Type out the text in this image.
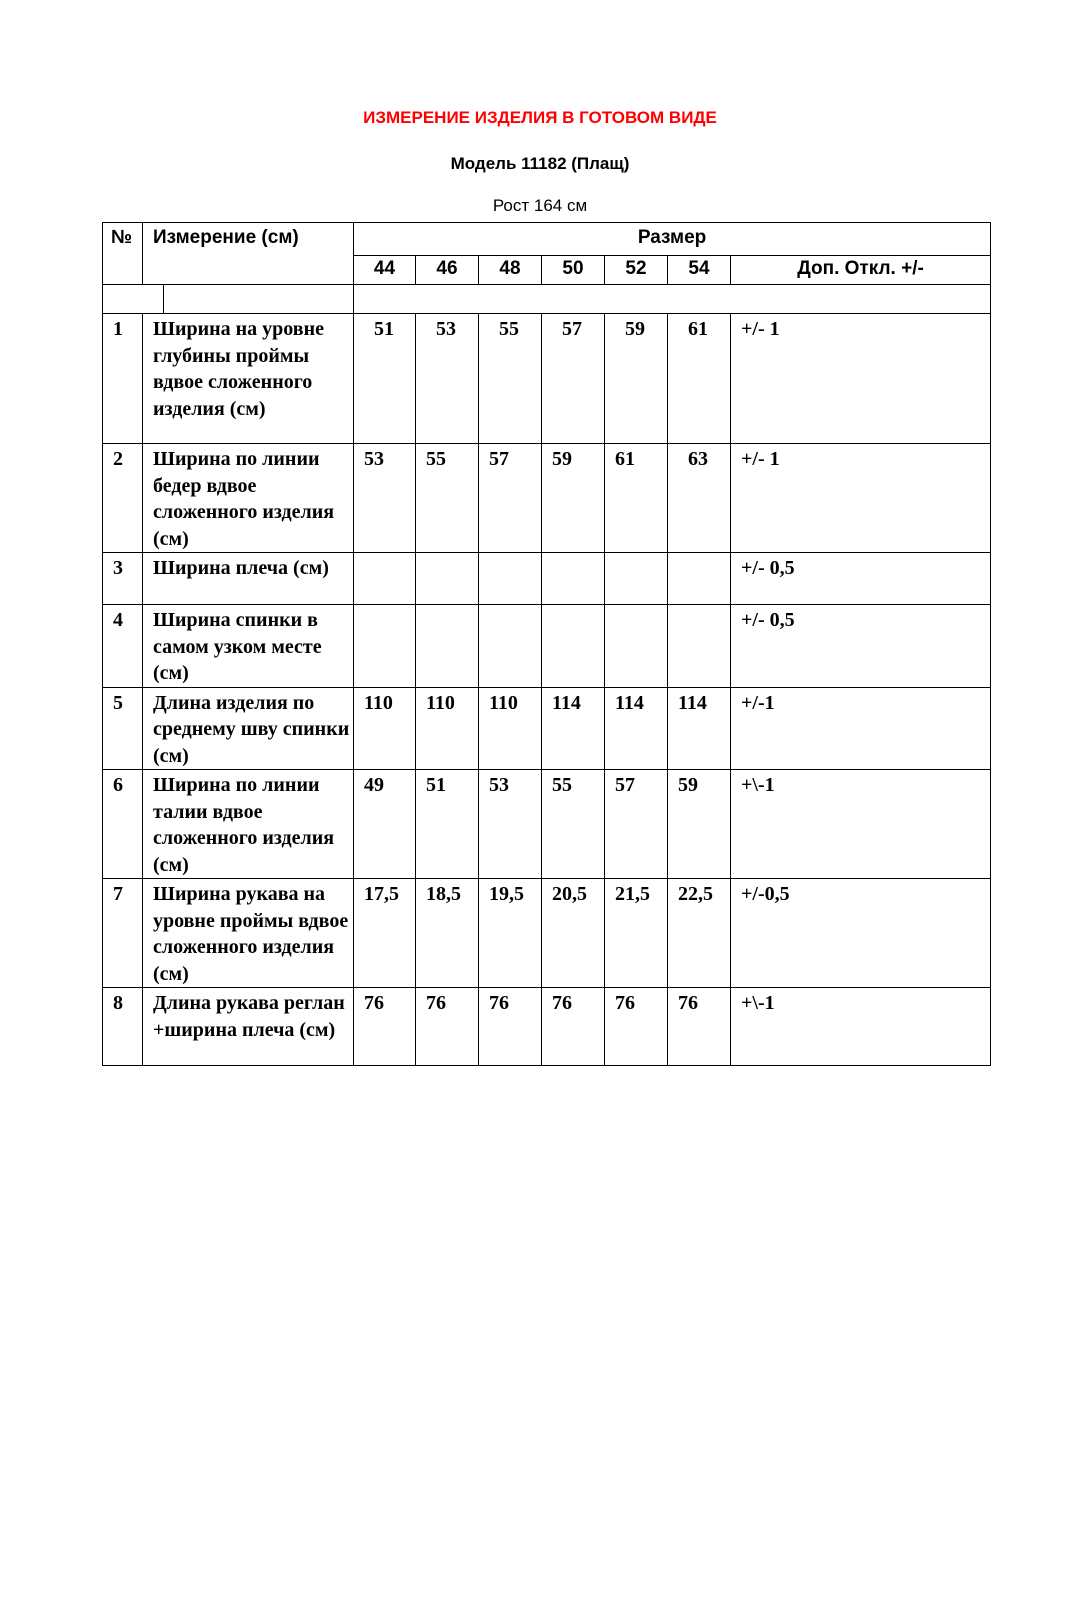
ИЗМЕРЕНИЕ ИЗДЕЛИЯ В ГОТОВОМ ВИДЕ
Модель 11182 (Плащ)
Рост 164 см
№	Измерение (см)	Размер						
		44	46	48	50	52	54	Доп. Откл. +/-

1	Ширина на уровне глубины проймы вдвое сложенного изделия (см)	51	53	55	57	59	61	+/- 1
2	Ширина по линии бедер вдвое сложенного изделия (см)	53	55	57	59	61	63	+/- 1
3	Ширина плеча (см)							+/- 0,5
4	Ширина спинки в самом узком месте (см)							+/- 0,5
5	Длина изделия по среднему шву спинки (см)	110	110	110	114	114	114	+/-1
6	Ширина по линии талии вдвое сложенного изделия (см)	49	51	53	55	57	59	+\-1
7	Ширина рукава на уровне проймы вдвое сложенного изделия (см)	17,5	18,5	19,5	20,5	21,5	22,5	+/-0,5
8	Длина рукава реглан +ширина плеча (см)	76	76	76	76	76	76	+\-1
